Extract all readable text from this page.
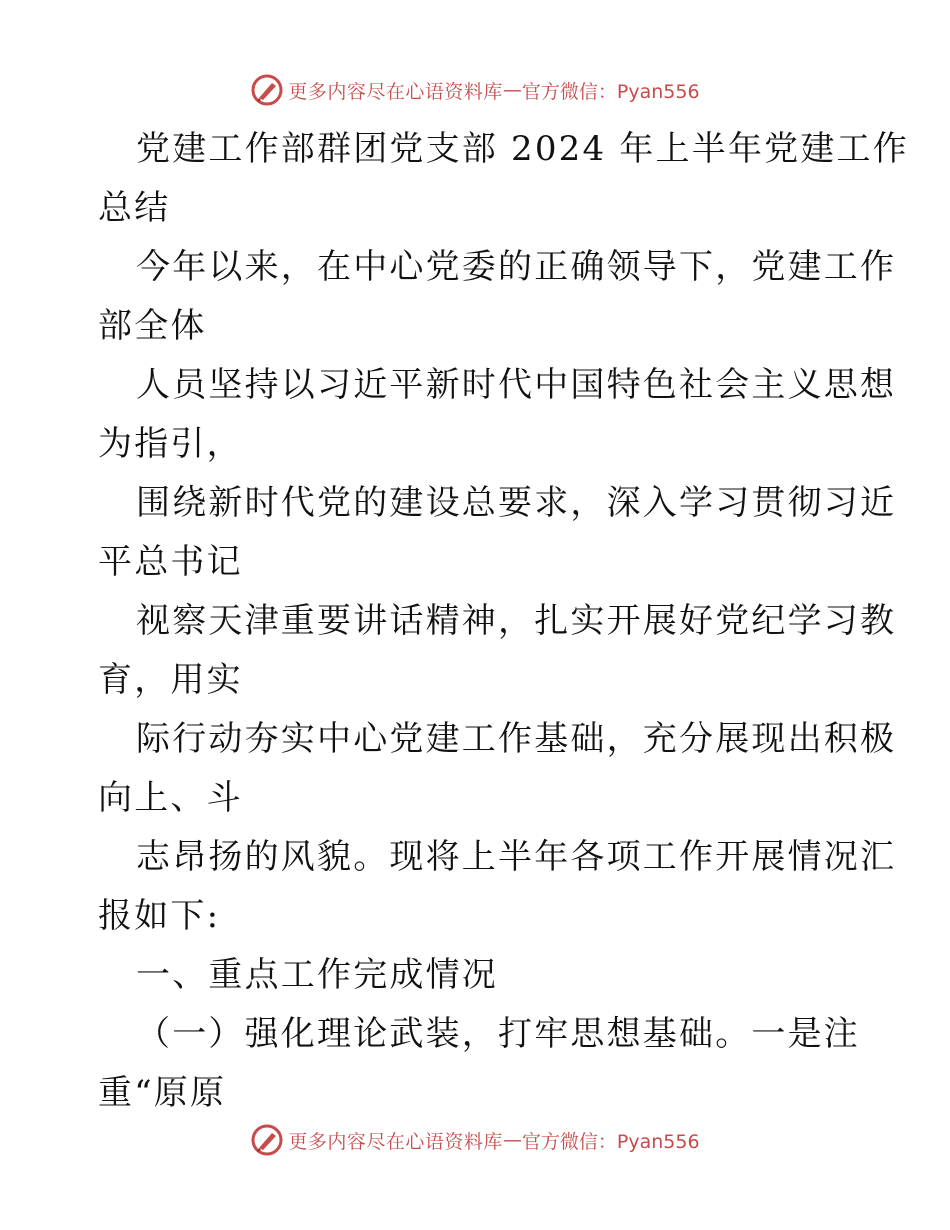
更多内容尽在心语资料库 — 官方微信：Pyan556
党建工作部群团党支部 2024 年上半年党建工作
总结
今年以来，在中心党委的正确领导下，党建工作
部全体
人员坚持以习近平新时代中国特色社会主义思想
为指引，
围绕新时代党的建设总要求，深入学习贯彻习近
平总书记
视察天津重要讲话精神，扎实开展好党纪学习教
育，用实
际行动夯实中心党建工作基础，充分展现出积极
向上、斗
志昂扬的风貌。现将上半年各项工作开展情况汇
报如下:
一、重点工作完成情况
（一）强化理论武装，打牢思想基础。一是注
重“原原
更多内容尽在心语资料库 — 官方微信：Pyan556
